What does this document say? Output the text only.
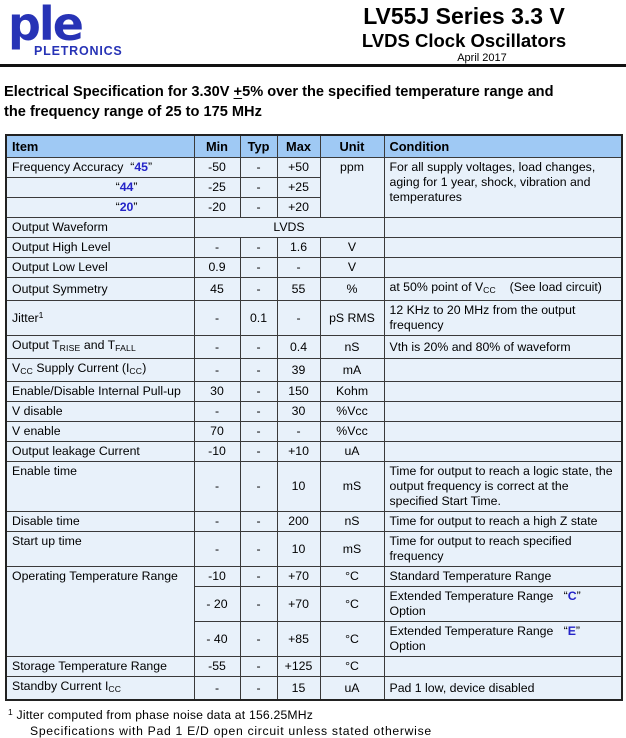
ple
PLETRONICS
LV55J Series 3.3 V
LVDS Clock Oscillators
April 2017

Electrical Specification for 3.30V +5% over the specified temperature range and
the frequency range of 25 to 175 MHz

Item	Min	Typ	Max	Unit	Condition
Frequency Accuracy  “45”	-50	-	+50	ppm	For all supply voltages, load changes, aging for 1 year, shock, vibration and temperatures
“44”	-25	-	+25		
“20”	-20	-	+20		
Output Waveform	LVDS				
Output High Level	-	-	1.6	V	
Output Low Level	0.9	-	-	V	
Output Symmetry	45	-	55	%	at 50% point of $V_{CC}$    (See load circuit)
Jitter$^1$	-	0.1	-	pS RMS	12 KHz to 20 MHz from the output frequency
Output $T_{RISE}$ and $T_{FALL}$	-	-	0.4	nS	Vth is 20% and 80% of waveform
$V_{CC}$ Supply Current $(I_{CC})$	-	-	39	mA	
Enable/Disable Internal Pull-up	30	-	150	Kohm	
V disable	-	-	30	%Vcc	
V enable	70	-	-	%Vcc	
Output leakage Current	-10	-	+10	uA	
Enable time	-	-	10	mS	Time for output to reach a logic state, the output frequency is correct at the specified Start Time.
Disable time	-	-	200	nS	Time for output to reach a high Z state
Start up time	-	-	10	mS	Time for output to reach specified frequency
Operating Temperature Range	-10	-	+70	°C	Standard Temperature Range
	- 20	-	+70	°C	Extended Temperature Range   “C”
Option
	- 40	-	+85	°C	Extended Temperature Range   “E”
Option
Storage Temperature Range	-55	-	+125	°C	
Standby Current $I_{CC}$	-	-	15	uA	Pad 1 low, device disabled
$^1$ Jitter computed from phase noise data at 156.25MHz
Specifications with Pad 1 E/D open circuit unless stated otherwise
